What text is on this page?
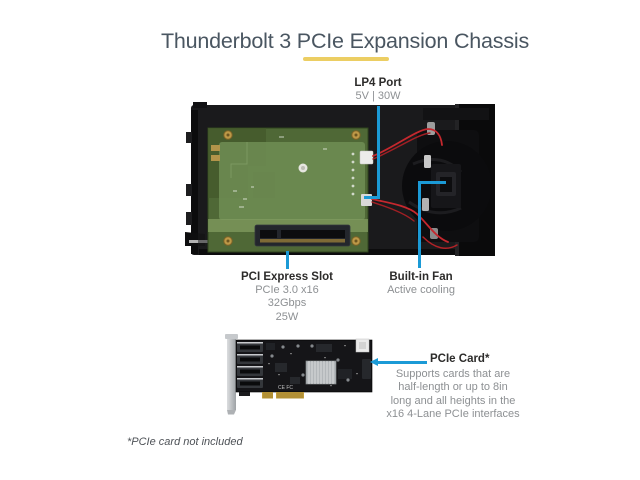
Thunderbolt 3 PCIe Expansion Chassis
LP4 Port
5V | 30W
PCI Express Slot
PCIe 3.0 x16
32Gbps
25W
Built-in Fan
Active cooling
CE FC
PCIe Card*
Supports cards that are
half-length or up to 8in
long and all heights in the
x16 4-Lane PCIe interfaces
*PCIe card not included
